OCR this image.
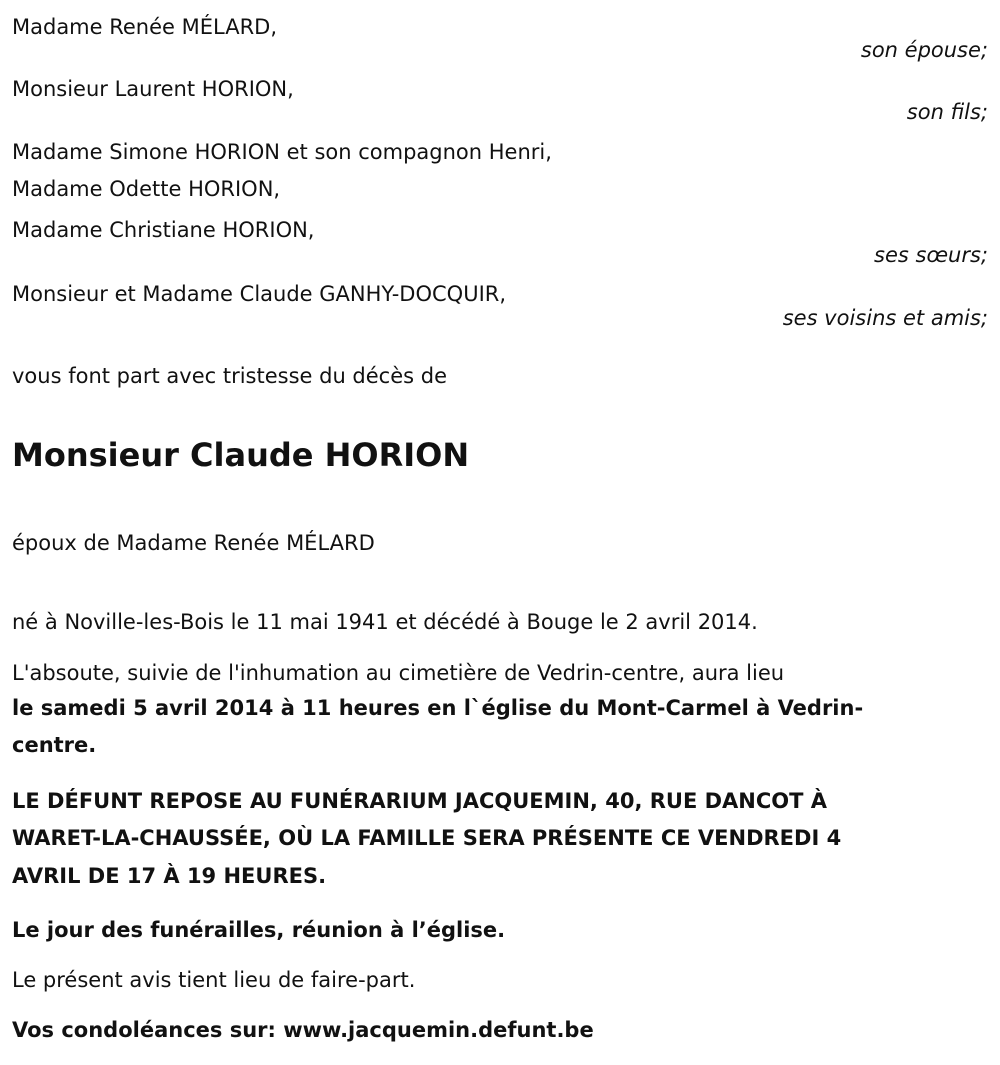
Madame Renée MÉLARD,
son épouse;
Monsieur Laurent HORION,
son fils;
Madame Simone HORION et son compagnon Henri,
Madame Odette HORION,
Madame Christiane HORION,
ses sœurs;
Monsieur et Madame Claude GANHY-DOCQUIR,
ses voisins et amis;
vous font part avec tristesse du décès de
Monsieur Claude HORION
époux de Madame Renée MÉLARD
né à Noville-les-Bois le 11 mai 1941 et décédé à Bouge le 2 avril 2014.
L'absoute, suivie de l'inhumation au cimetière de Vedrin-centre, aura lieu
le samedi 5 avril 2014 à 11 heures en l`église du Mont-Carmel à Vedrin-
centre.
LE DÉFUNT REPOSE AU FUNÉRARIUM JACQUEMIN, 40, RUE DANCOT À
WARET-LA-CHAUSSÉE, OÙ LA FAMILLE SERA PRÉSENTE CE VENDREDI 4
AVRIL DE 17 À 19 HEURES.
Le jour des funérailles, réunion à l’église.
Le présent avis tient lieu de faire-part.
Vos condoléances sur: www.jacquemin.defunt.be
